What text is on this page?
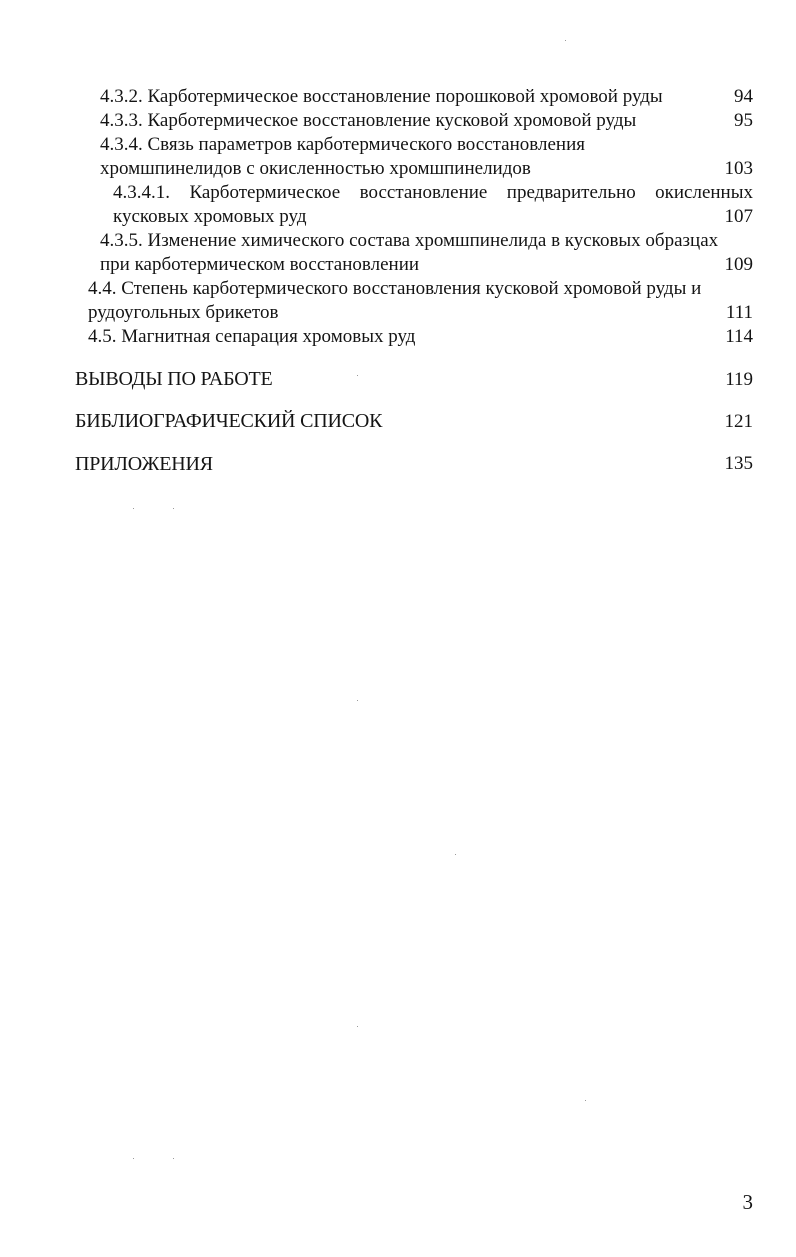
4.3.2. Карботермическое восстановление порошковой хромовой руды	94
4.3.3. Карботермическое восстановление кусковой хромовой руды	95
4.3.4. Связь параметров карботермического восстановления
хромшпинелидов с окисленностью хромшпинелидов	103
4.3.4.1. Карботермическое восстановление предварительно окисленных
кусковых хромовых руд	107
4.3.5. Изменение химического состава хромшпинелида в кусковых образцах
при карботермическом восстановлении	109
4.4. Степень карботермического восстановления кусковой хромовой руды и
рудоугольных брикетов	111
4.5. Магнитная сепарация хромовых руд	114
ВЫВОДЫ ПО РАБОТЕ	119
БИБЛИОГРАФИЧЕСКИЙ СПИСОК	121
ПРИЛОЖЕНИЯ	135
3
